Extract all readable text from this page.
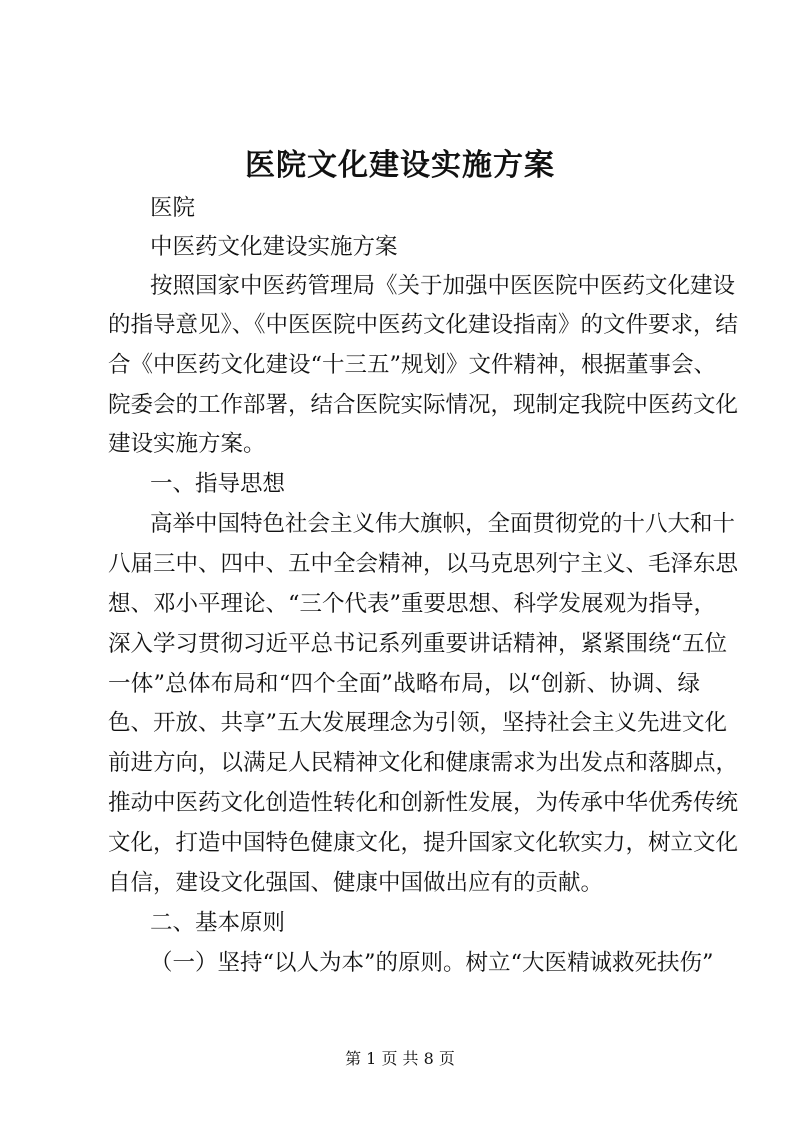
医院文化建设实施方案
医院
中医药文化建设实施方案
按照国家中医药管理局《关于加强中医医院中医药文化建设
的指导意见》、《中医医院中医药文化建设指南》的文件要求，结
合《中医药文化建设“十三五”规划》文件精神，根据董事会、
院委会的工作部署，结合医院实际情况，现制定我院中医药文化
建设实施方案。
一、指导思想
高举中国特色社会主义伟大旗帜，全面贯彻党的十八大和十
八届三中、四中、五中全会精神，以马克思列宁主义、毛泽东思
想、邓小平理论、“三个代表”重要思想、科学发展观为指导，
深入学习贯彻习近平总书记系列重要讲话精神，紧紧围绕“五位
一体”总体布局和“四个全面”战略布局，以“创新、协调、绿
色、开放、共享”五大发展理念为引领，坚持社会主义先进文化
前进方向，以满足人民精神文化和健康需求为出发点和落脚点，
推动中医药文化创造性转化和创新性发展，为传承中华优秀传统
文化，打造中国特色健康文化，提升国家文化软实力，树立文化
自信，建设文化强国、健康中国做出应有的贡献。
二、基本原则
（一）坚持“以人为本”的原则。树立“大医精诚救死扶伤”
第 1 页 共 8 页
